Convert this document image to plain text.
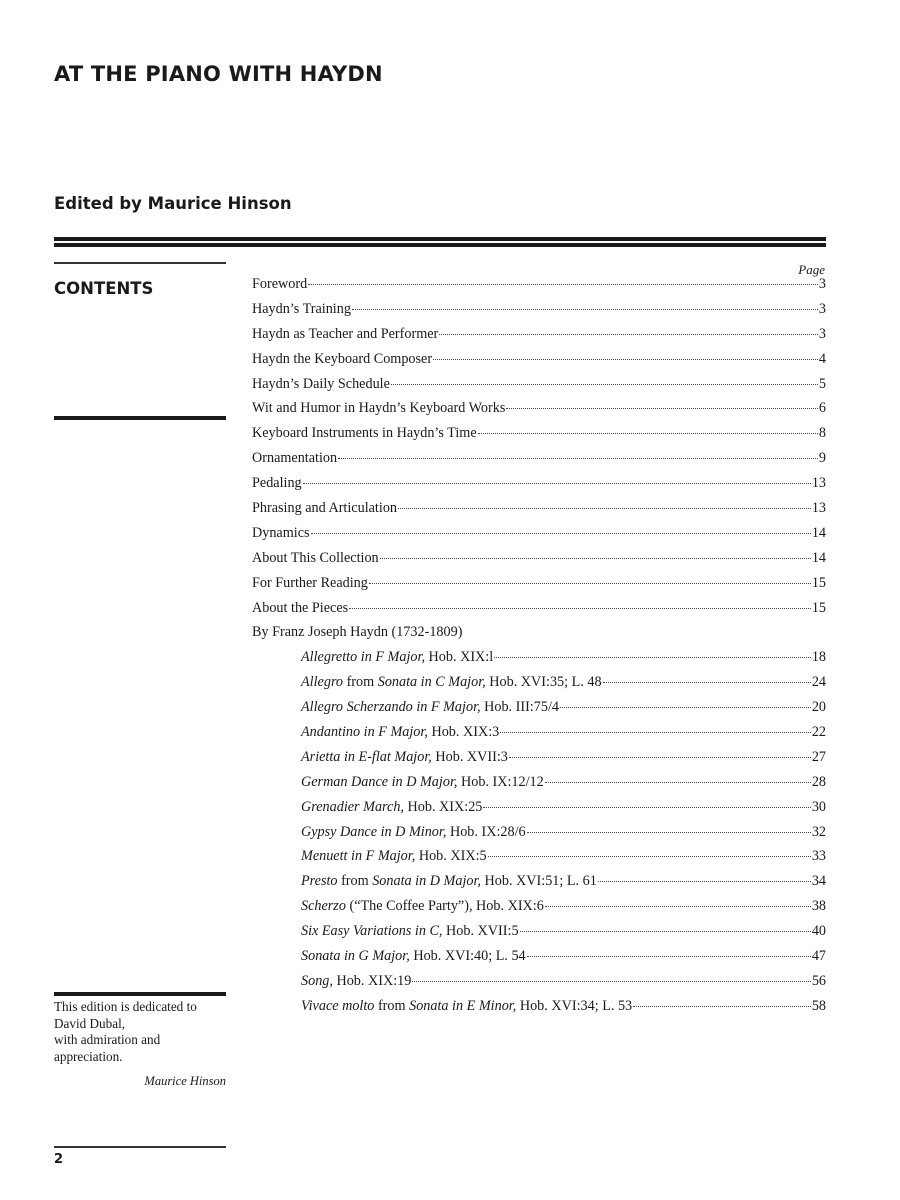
AT THE PIANO WITH HAYDN
Edited by Maurice Hinson
CONTENTS
Page
Foreword	3
Haydn’s Training	3
Haydn as Teacher and Performer	3
Haydn the Keyboard Composer	4
Haydn’s Daily Schedule	5
Wit and Humor in Haydn’s Keyboard Works	6
Keyboard Instruments in Haydn’s Time	8
Ornamentation	9
Pedaling	13
Phrasing and Articulation	13
Dynamics	14
About This Collection	14
For Further Reading	15
About the Pieces	15
By Franz Joseph Haydn (1732-1809)
Allegretto in F Major, Hob. XIX:l	18
Allegro from Sonata in C Major, Hob. XVI:35; L. 48	24
Allegro Scherzando in F Major, Hob. III:75/4	20
Andantino in F Major, Hob. XIX:3	22
Arietta in E-flat Major, Hob. XVII:3	27
German Dance in D Major, Hob. IX:12/12	28
Grenadier March, Hob. XIX:25	30
Gypsy Dance in D Minor, Hob. IX:28/6	32
Menuett in F Major, Hob. XIX:5	33
Presto from Sonata in D Major, Hob. XVI:51; L. 61	34
Scherzo (“The Coffee Party”), Hob. XIX:6	38
Six Easy Variations in C, Hob. XVII:5	40
Sonata in G Major, Hob. XVI:40; L. 54	47
Song, Hob. XIX:19	56
Vivace molto from Sonata in E Minor, Hob. XVI:34; L. 53	58
This edition is dedicated to
David Dubal,
with admiration and
appreciation.
Maurice Hinson
2
